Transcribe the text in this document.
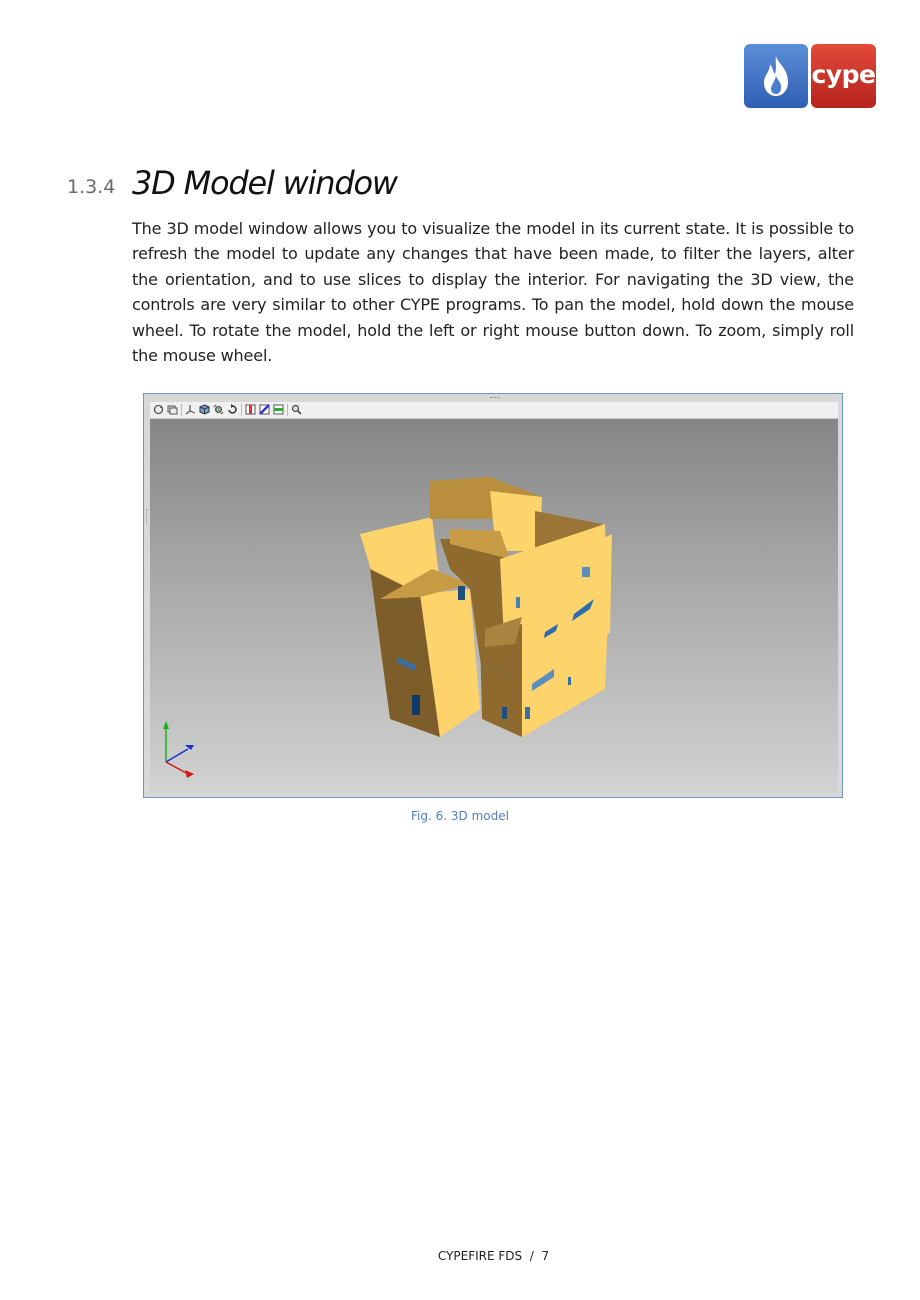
cype
1.3.4 3D Model window

The 3D model window allows you to visualize the model in its current state. It is possible to refresh the model to update any changes that have been made, to filter the layers, alter the orientation, and to use slices to display the interior. For navigating the 3D view, the controls are very similar to other CYPE programs. To pan the model, hold down the mouse wheel. To rotate the model, hold the left or right mouse button down. To zoom, simply roll the mouse wheel.

Fig. 6. 3D model
CYPEFIRE FDS  /  7
